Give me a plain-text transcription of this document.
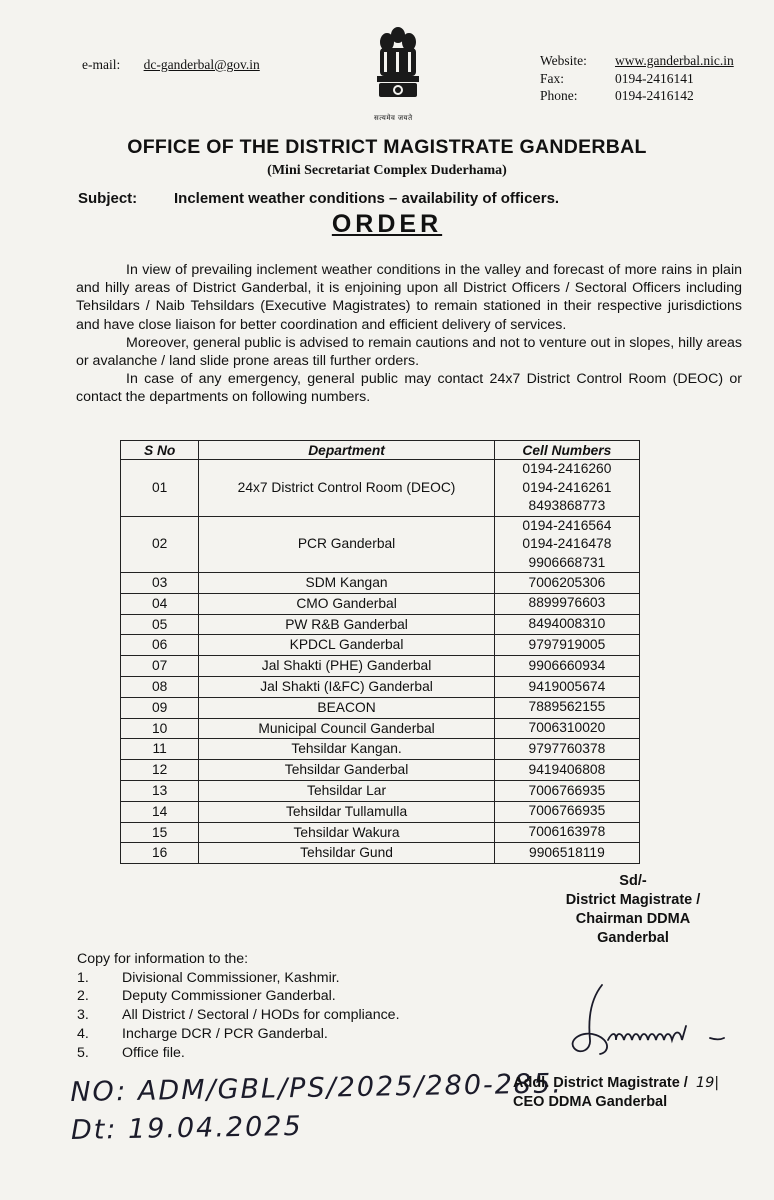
e-mail: dc-ganderbal@gov.in
सत्यमेव जयते
Website:	www.ganderbal.nic.in
Fax:	0194-2416141
Phone:	0194-2416142
OFFICE OF THE DISTRICT MAGISTRATE GANDERBAL
(Mini Secretariat Complex Duderhama)
Subject: Inclement weather conditions – availability of officers.
ORDER

In view of prevailing inclement weather conditions in the valley and forecast of more rains in plain and hilly areas of District Ganderbal, it is enjoining upon all District Officers / Sectoral Officers including Tehsildars / Naib Tehsildars (Executive Magistrates) to remain stationed in their respective jurisdictions and have close liaison for better coordination and efficient delivery of services.

Moreover, general public is advised to remain cautions and not to venture out in slopes, hilly areas or avalanche / land slide prone areas till further orders.

In case of any emergency, general public may contact 24x7 District Control Room (DEOC) or contact the departments on following numbers.

S No	Department	Cell Numbers
01	24x7 District Control Room (DEOC)	0194-2416260
0194-2416261
8493868773
02	PCR Ganderbal	0194-2416564
0194-2416478
9906668731
03	SDM Kangan	7006205306
04	CMO Ganderbal	8899976603
05	PW R&B Ganderbal	8494008310
06	KPDCL Ganderbal	9797919005
07	Jal Shakti (PHE) Ganderbal	9906660934
08	Jal Shakti (I&FC) Ganderbal	9419005674
09	BEACON	7889562155
10	Municipal Council Ganderbal	7006310020
11	Tehsildar Kangan.	9797760378
12	Tehsildar Ganderbal	9419406808
13	Tehsildar Lar	7006766935
14	Tehsildar Tullamulla	7006766935
15	Tehsildar Wakura	7006163978
16	Tehsildar Gund	9906518119
Sd/-
District Magistrate /
Chairman DDMA
Ganderbal
Copy for information to the:
1.	Divisional Commissioner, Kashmir.
2.	Deputy Commissioner Ganderbal.
3.	All District / Sectoral / HODs for compliance.
4.	Incharge DCR / PCR Ganderbal.
5.	Office file.
NO: ADM/GBL/PS/2025/280-285.
Dt: 19.04.2025
Addl. District Magistrate / 19|
CEO DDMA Ganderbal
